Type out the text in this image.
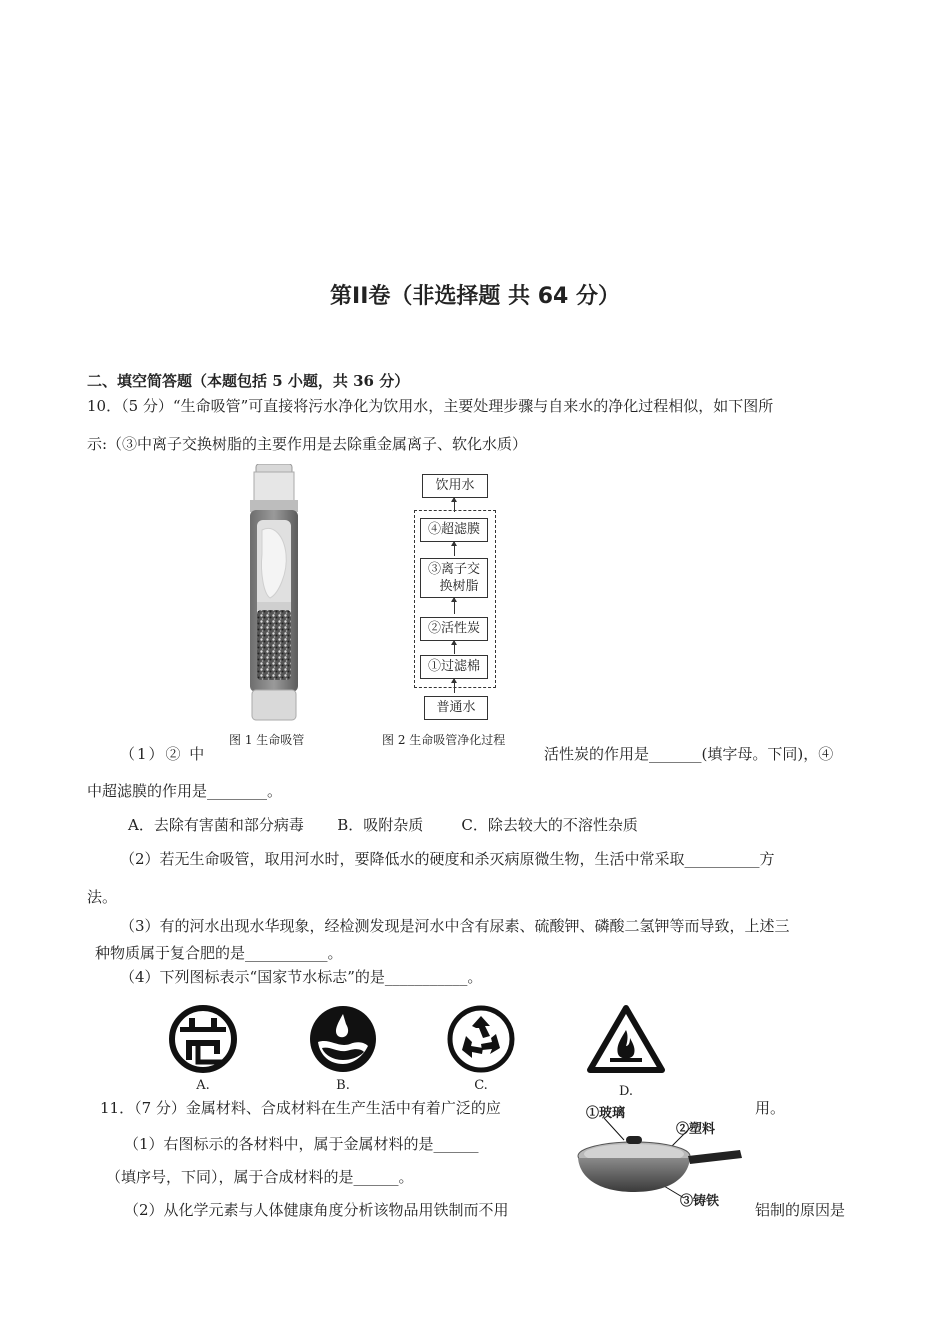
第II卷（非选择题 共 64 分）
二、填空简答题（本题包括 5 小题，共 36 分）
10．（5 分）“生命吸管”可直接将污水净化为饮用水，主要处理步骤与自来水的净化过程相似，如下图所
示:（③中离子交换树脂的主要作用是去除重金属离子、软化水质）
图 1 生命吸管
饮用水
④超滤膜
③离子交
换树脂
②活性炭
①过滤棉
普通水
图 2 生命吸管净化过程
（1）② 中	活性炭的作用是_______(填字母。下同)，④
中超滤膜的作用是________。
A．去除有害菌和部分病毒       B．吸附杂质        C．除去较大的不溶性杂质
（2）若无生命吸管，取用河水时，要降低水的硬度和杀灭病原微生物，生活中常采取__________方
法。
（3）有的河水出现水华现象，经检测发现是河水中含有尿素、硫酸钾、磷酸二氢钾等而导致，上述三
种物质属于复合肥的是___________。
（4）下列图标表示“国家节水标志”的是___________。
A.	B.	C.	D.
11．（7 分）金属材料、合成材料在生产生活中有着广泛的应	用。
（1）右图标示的各材料中，属于金属材料的是______
（填序号，下同），属于合成材料的是______。
（2）从化学元素与人体健康角度分析该物品用铁制而不用	铝制的原因是
①玻璃
②塑料
③铸铁
